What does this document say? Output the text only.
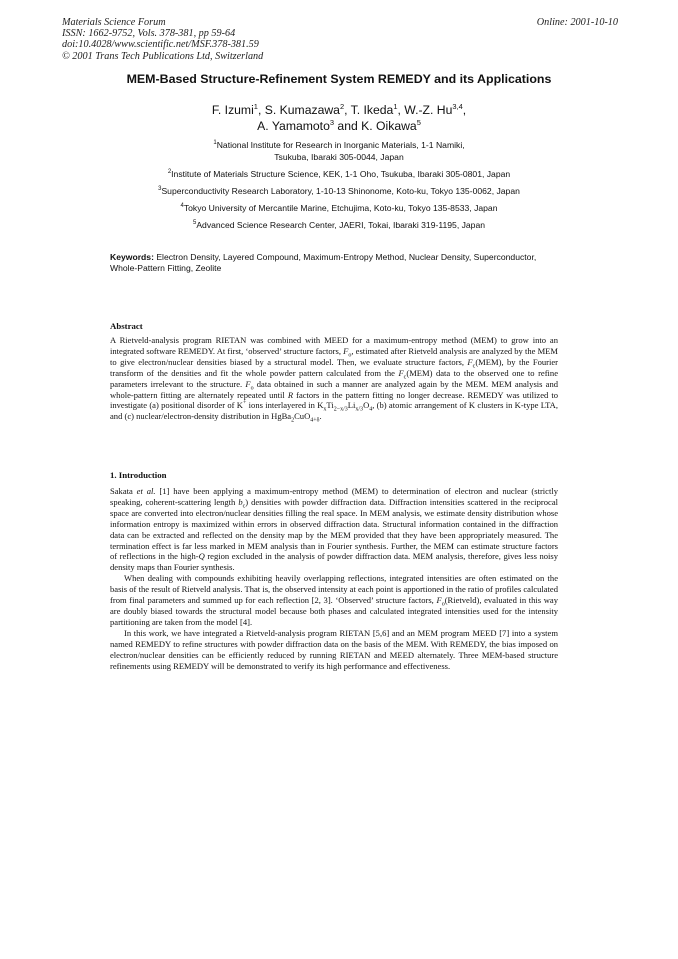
Materials Science Forum
ISSN: 1662-9752, Vols. 378-381, pp 59-64
doi:10.4028/www.scientific.net/MSF.378-381.59
© 2001 Trans Tech Publications Ltd, Switzerland
Online: 2001-10-10
MEM-Based Structure-Refinement System REMEDY and its Applications
F. Izumi$^1$, S. Kumazawa$^2$, T. Ikeda$^1$, W.-Z. Hu$^{3,4}$,
A. Yamamoto$^3$ and K. Oikawa$^5$
$^1$National Institute for Research in Inorganic Materials, 1-1 Namiki,
Tsukuba, Ibaraki 305-0044, Japan
$^2$Institute of Materials Structure Science, KEK, 1-1 Oho, Tsukuba, Ibaraki 305-0801, Japan
$^3$Superconductivity Research Laboratory, 1-10-13 Shinonome, Koto-ku, Tokyo 135-0062, Japan
$^4$Tokyo University of Mercantile Marine, Etchujima, Koto-ku, Tokyo 135-8533, Japan
$^5$Advanced Science Research Center, JAERI, Tokai, Ibaraki 319-1195, Japan
Keywords: Electron Density, Layered Compound, Maximum-Entropy Method, Nuclear Density, Superconductor, Whole-Pattern Fitting, Zeolite
Abstract
A Rietveld-analysis program RIETAN was combined with MEED for a maximum-entropy method (MEM) to grow into an integrated software REMEDY. At first, ‘observed’ structure factors, $F_o$, estimated after Rietveld analysis are analyzed by the MEM to give electron/nuclear densities biased by a structural model. Then, we evaluate structure factors, $F_c(MEM)$, by the Fourier transform of the densities and fit the whole powder pattern calculated from the $F_c(MEM)$ data to the observed one to refine parameters irrelevant to the structure. $F_o$ data obtained in such a manner are analyzed again by the MEM. MEM analysis and whole-pattern fitting are alternately repeated until R factors in the pattern fitting no longer decrease. REMEDY was utilized to investigate (a) positional disorder of K+ ions interlayered in $K_xTi_{2-x/3}Li_{x/3}O_4$, (b) atomic arrangement of K clusters in K-type LTA, and (c) nuclear/electron-density distribution in HgBa$_2$CuO$_{4+\delta}$.
1. Introduction

Sakata et al. [1] have been applying a maximum-entropy method (MEM) to determination of electron and nuclear (strictly speaking, coherent-scattering length $b_c$) densities with powder diffraction data. Diffraction intensities scattered in the reciprocal space are converted into electron/nuclear densities filling the real space. In MEM analysis, we estimate density distribution whose information entropy is maximized within errors in observed diffraction data. Structural information contained in the diffraction data can be extracted and reflected on the density map by the MEM provided that they have been appropriately measured. The termination effect is far less marked in MEM analysis than in Fourier synthesis. Further, the MEM can estimate structure factors of reflections in the high-Q region excluded in the analysis of powder diffraction data. MEM analysis, therefore, gives less noisy density maps than Fourier synthesis.

When dealing with compounds exhibiting heavily overlapping reflections, integrated intensities are often estimated on the basis of the result of Rietveld analysis. That is, the observed intensity at each point is apportioned in the ratio of profiles calculated from final parameters and summed up for each reflection [2, 3]. ‘Observed’ structure factors, $F_o(Rietveld)$, evaluated in this way are doubly biased towards the structural model because both phases and calculated integrated intensities used for the intensity partitioning are taken from the model [4].

In this work, we have integrated a Rietveld-analysis program RIETAN [5,6] and an MEM program MEED [7] into a system named REMEDY to refine structures with powder diffraction data on the basis of the MEM. With REMEDY, the bias imposed on electron/nuclear densities can be efficiently reduced by running RIETAN and MEED alternately. Three MEM-based structure refinements using REMEDY will be demonstrated to verify its high performance and effectiveness.
